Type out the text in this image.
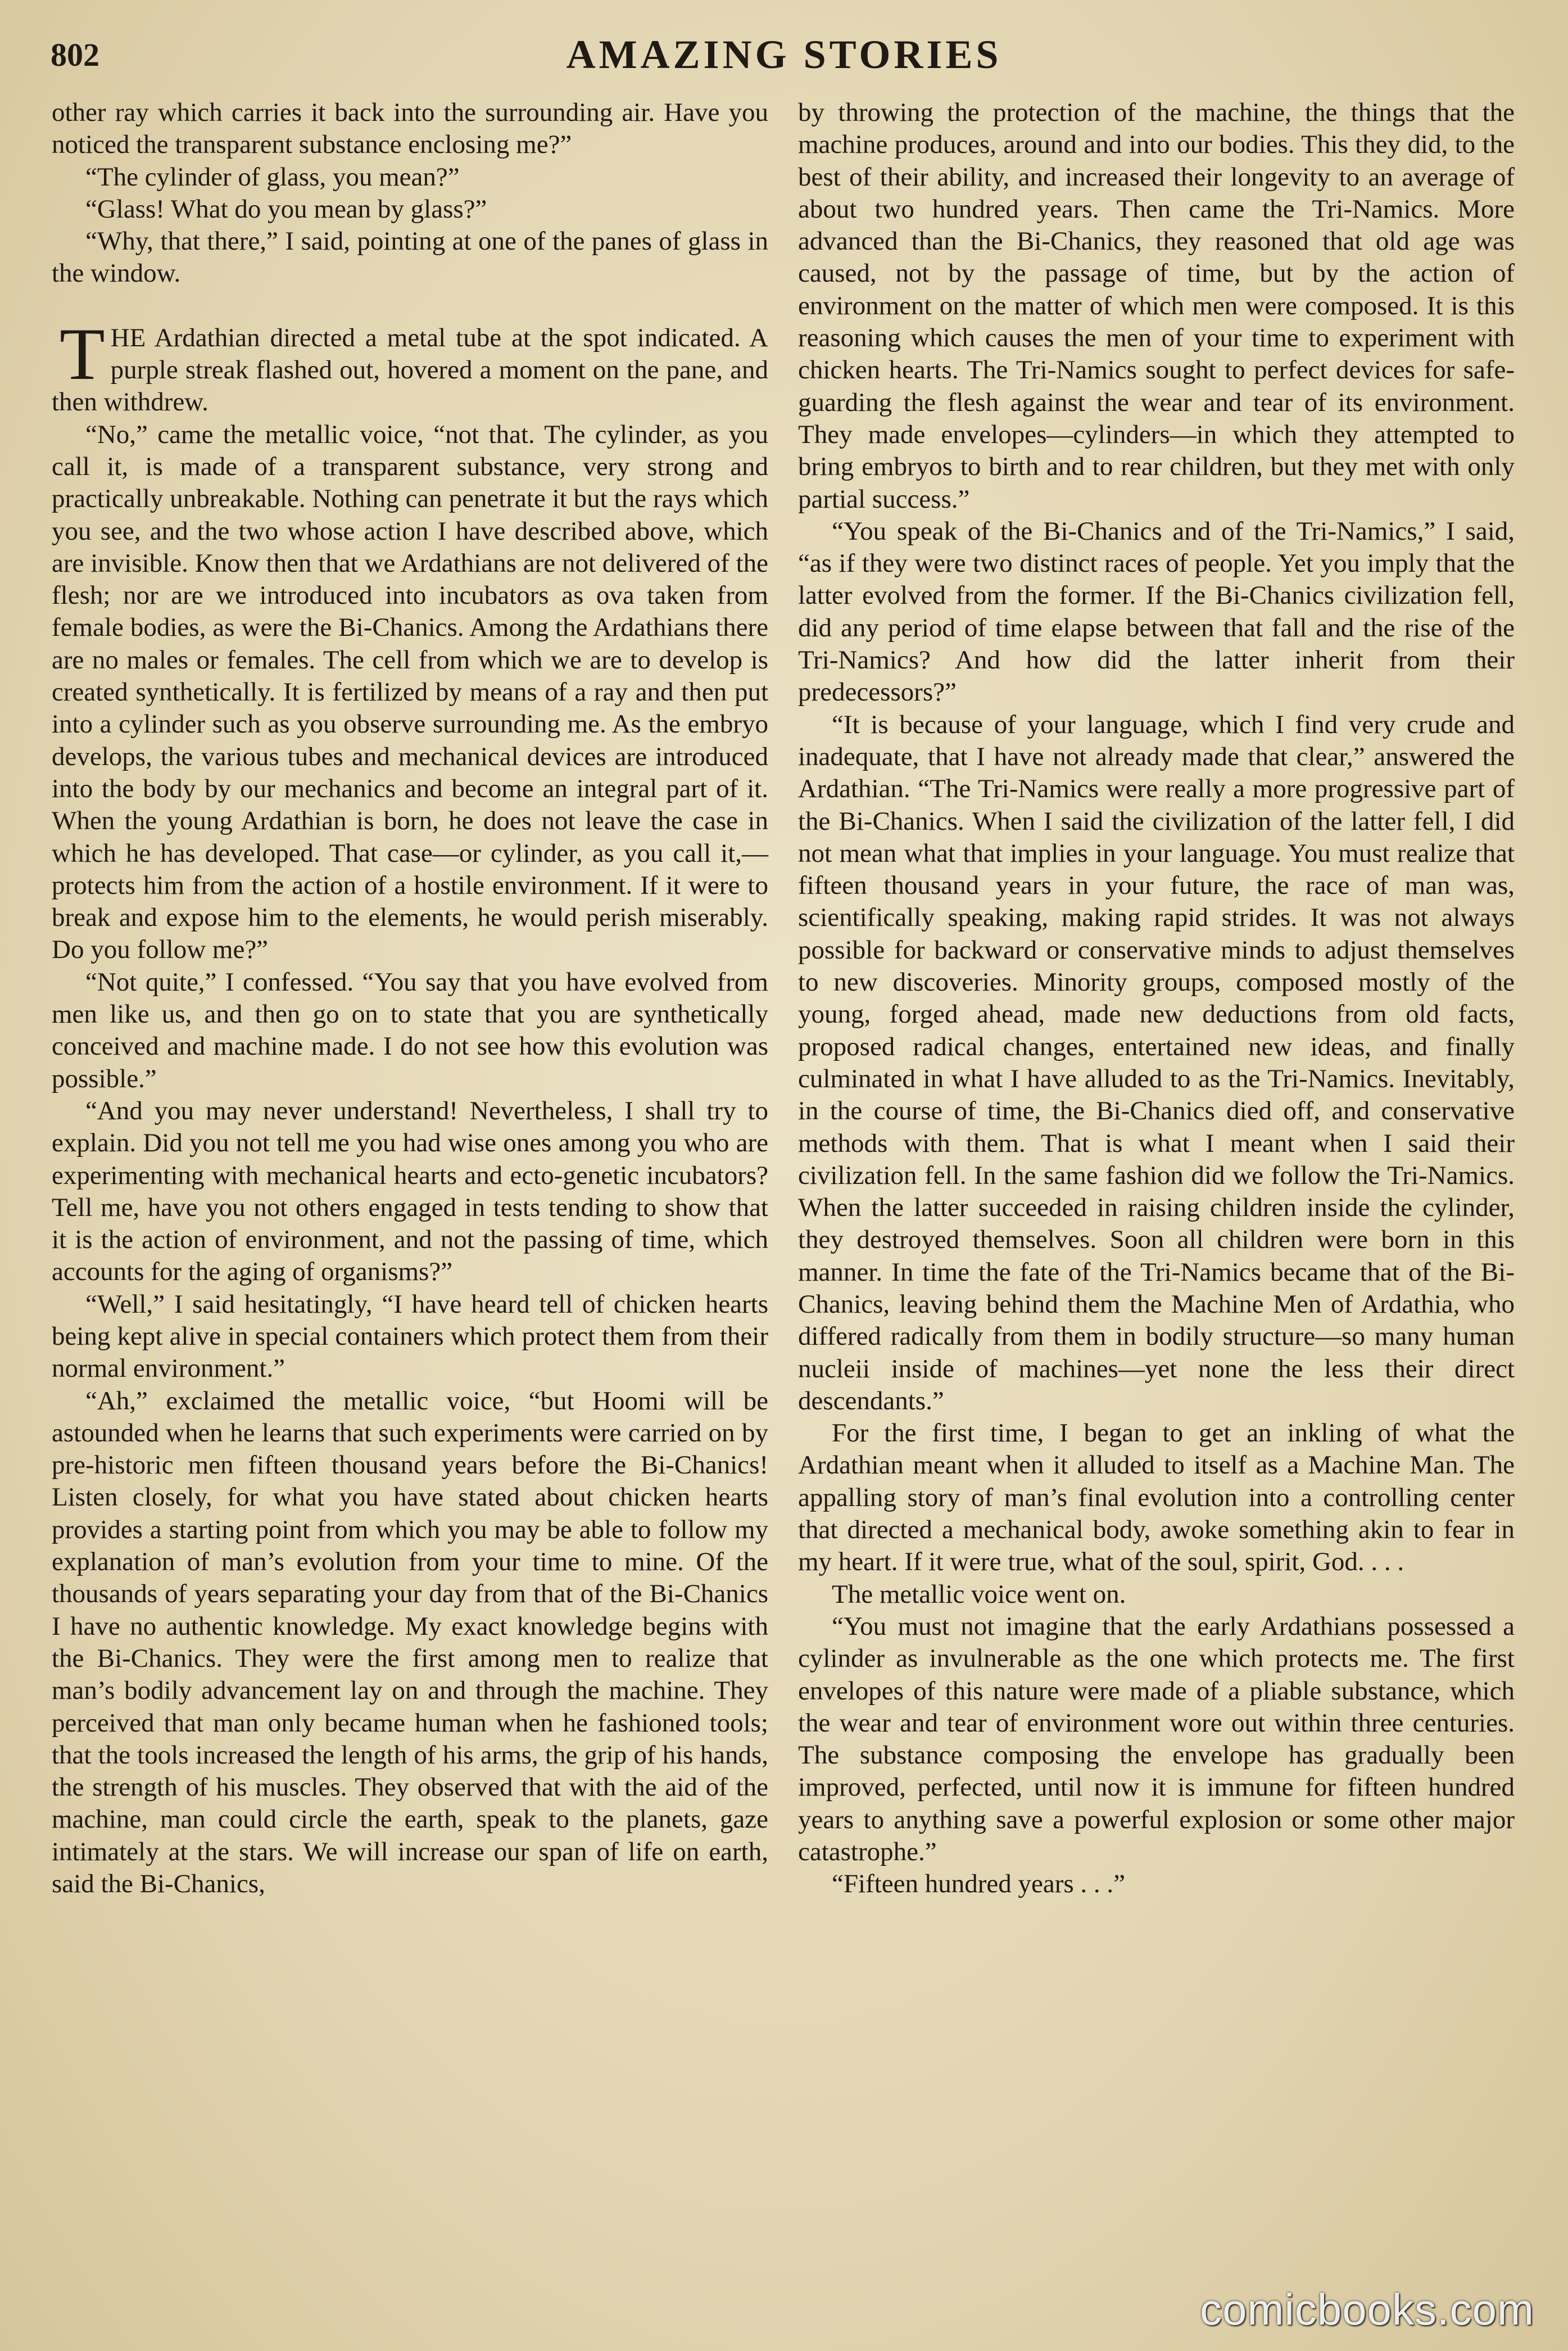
802	AMAZING STORIES

other ray which carries it back into the surrounding air. Have you noticed the transparent substance enclosing me?”

“The cylinder of glass, you mean?”

“Glass! What do you mean by glass?”

“Why, that there,” I said, pointing at one of the panes of glass in the window.

THE Ardathian directed a metal tube at the spot indicated. A purple streak flashed out, hovered a moment on the pane, and then withdrew.

“No,” came the metallic voice, “not that. The cylinder, as you call it, is made of a transparent substance, very strong and practically unbreakable. Nothing can penetrate it but the rays which you see, and the two whose action I have described above, which are invisible. Know then that we Ardathians are not delivered of the flesh; nor are we introduced into incubators as ova taken from female bodies, as were the Bi-Chanics. Among the Ardathians there are no males or females. The cell from which we are to develop is created synthetically. It is fertilized by means of a ray and then put into a cylinder such as you observe surrounding me. As the embryo develops, the various tubes and mechanical devices are introduced into the body by our mechanics and become an integral part of it. When the young Ardathian is born, he does not leave the case in which he has developed. That case—or cylinder, as you call it,—protects him from the action of a hostile environment. If it were to break and expose him to the elements, he would perish miserably. Do you follow me?”

“Not quite,” I confessed. “You say that you have evolved from men like us, and then go on to state that you are synthetically conceived and machine made. I do not see how this evolution was possible.”

“And you may never understand! Nevertheless, I shall try to explain. Did you not tell me you had wise ones among you who are experimenting with mechanical hearts and ecto-genetic incubators? Tell me, have you not others engaged in tests tending to show that it is the action of environment, and not the passing of time, which accounts for the aging of organisms?”

“Well,” I said hesitatingly, “I have heard tell of chicken hearts being kept alive in special containers which protect them from their normal environment.”

“Ah,” exclaimed the metallic voice, “but Hoomi will be astounded when he learns that such experiments were carried on by pre-historic men fifteen thousand years before the Bi-Chanics! Listen closely, for what you have stated about chicken hearts provides a starting point from which you may be able to follow my explanation of man’s evolution from your time to mine. Of the thousands of years separating your day from that of the Bi-Chanics I have no authentic knowledge. My exact knowledge begins with the Bi-Chanics. They were the first among men to realize that man’s bodily advancement lay on and through the machine. They perceived that man only became human when he fashioned tools; that the tools increased the length of his arms, the grip of his hands, the strength of his muscles. They observed that with the aid of the machine, man could circle the earth, speak to the planets, gaze intimately at the stars. We will increase our span of life on earth, said the Bi-Chanics,

by throwing the protection of the machine, the things that the machine produces, around and into our bodies. This they did, to the best of their ability, and increased their longevity to an average of about two hundred years. Then came the Tri-Namics. More advanced than the Bi-Chanics, they reasoned that old age was caused, not by the passage of time, but by the action of environment on the matter of which men were composed. It is this reasoning which causes the men of your time to experiment with chicken hearts. The Tri-Namics sought to perfect devices for safe-guarding the flesh against the wear and tear of its environment. They made envelopes—cylinders—in which they attempted to bring embryos to birth and to rear children, but they met with only partial success.”

“You speak of the Bi-Chanics and of the Tri-Namics,” I said, “as if they were two distinct races of people. Yet you imply that the latter evolved from the former. If the Bi-Chanics civilization fell, did any period of time elapse between that fall and the rise of the Tri-Namics? And how did the latter inherit from their predecessors?”

“It is because of your language, which I find very crude and inadequate, that I have not already made that clear,” answered the Ardathian. “The Tri-Namics were really a more progressive part of the Bi-Chanics. When I said the civilization of the latter fell, I did not mean what that implies in your language. You must realize that fifteen thousand years in your future, the race of man was, scientifically speaking, making rapid strides. It was not always possible for backward or conservative minds to adjust themselves to new discoveries. Minority groups, composed mostly of the young, forged ahead, made new deductions from old facts, proposed radical changes, entertained new ideas, and finally culminated in what I have alluded to as the Tri-Namics. Inevitably, in the course of time, the Bi-Chanics died off, and conservative methods with them. That is what I meant when I said their civilization fell. In the same fashion did we follow the Tri-Namics. When the latter succeeded in raising children inside the cylinder, they destroyed themselves. Soon all children were born in this manner. In time the fate of the Tri-Namics became that of the Bi-Chanics, leaving behind them the Machine Men of Ardathia, who differed radically from them in bodily structure—so many human nucleii inside of machines—yet none the less their direct descendants.”

For the first time, I began to get an inkling of what the Ardathian meant when it alluded to itself as a Machine Man. The appalling story of man’s final evolution into a controlling center that directed a mechanical body, awoke something akin to fear in my heart. If it were true, what of the soul, spirit, God. . . .

The metallic voice went on.

“You must not imagine that the early Ardathians possessed a cylinder as invulnerable as the one which protects me. The first envelopes of this nature were made of a pliable substance, which the wear and tear of environment wore out within three centuries. The substance composing the envelope has gradually been improved, perfected, until now it is immune for fifteen hundred years to anything save a powerful explosion or some other major catastrophe.”

“Fifteen hundred years . . .”

comicbooks.com
